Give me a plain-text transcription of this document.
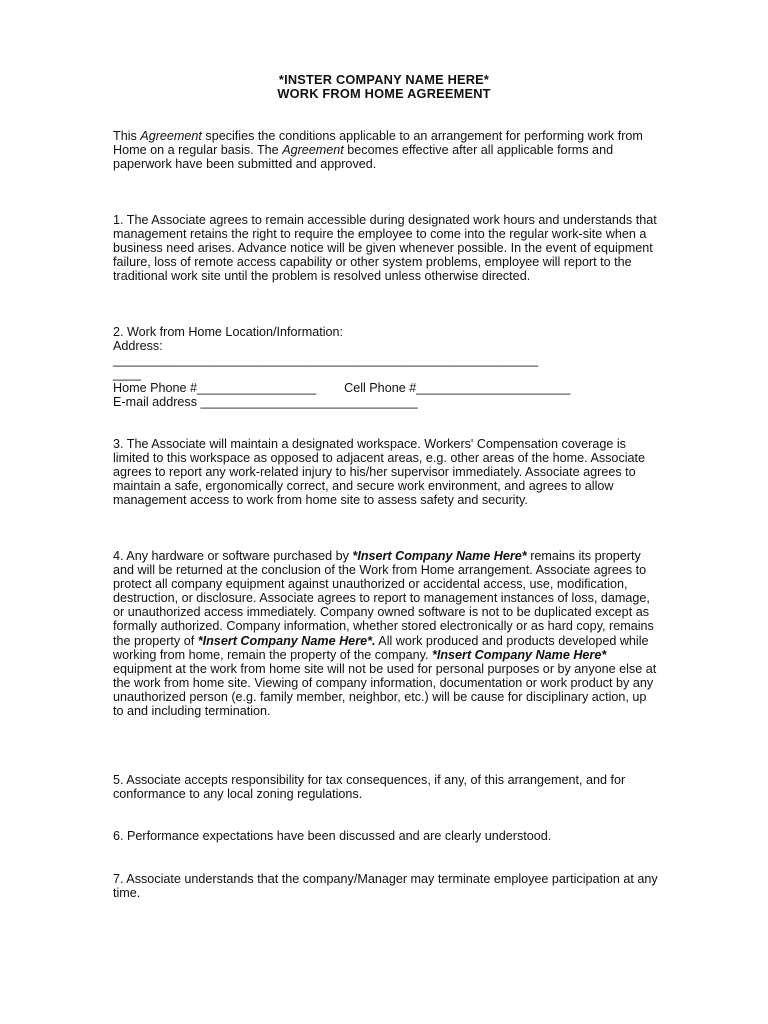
*INSTER COMPANY NAME HERE*

WORK FROM HOME AGREEMENT

This Agreement specifies the conditions applicable to an arrangement for performing work from Home on a regular basis. The Agreement becomes effective after all applicable forms and paperwork have been submitted and approved.

1. The Associate agrees to remain accessible during designated work hours and understands that management retains the right to require the employee to come into the regular work-site when a business need arises. Advance notice will be given whenever possible. In the event of equipment failure, loss of remote access capability or other system problems, employee will report to the traditional work site until the problem is resolved unless otherwise directed.

2. Work from Home Location/Information:
Address:
______________________________________________________________
____
Home Phone #_________________ Cell Phone #______________________
E-mail address _______________________________

3. The Associate will maintain a designated workspace. Workers' Compensation coverage is limited to this workspace as opposed to adjacent areas, e.g. other areas of the home. Associate agrees to report any work-related injury to his/her supervisor immediately. Associate agrees to maintain a safe, ergonomically correct, and secure work environment, and agrees to allow management access to work from home site to assess safety and security.

4. Any hardware or software purchased by *Insert Company Name Here* remains its property and will be returned at the conclusion of the Work from Home arrangement. Associate agrees to protect all company equipment against unauthorized or accidental access, use, modification, destruction, or disclosure. Associate agrees to report to management instances of loss, damage, or unauthorized access immediately. Company owned software is not to be duplicated except as formally authorized. Company information, whether stored electronically or as hard copy, remains the property of *Insert Company Name Here*. All work produced and products developed while working from home, remain the property of the company. *Insert Company Name Here* equipment at the work from home site will not be used for personal purposes or by anyone else at the work from home site. Viewing of company information, documentation or work product by any unauthorized person (e.g. family member, neighbor, etc.) will be cause for disciplinary action, up to and including termination.

5. Associate accepts responsibility for tax consequences, if any, of this arrangement, and for conformance to any local zoning regulations.

6. Performance expectations have been discussed and are clearly understood.

7. Associate understands that the company/Manager may terminate employee participation at any time.
